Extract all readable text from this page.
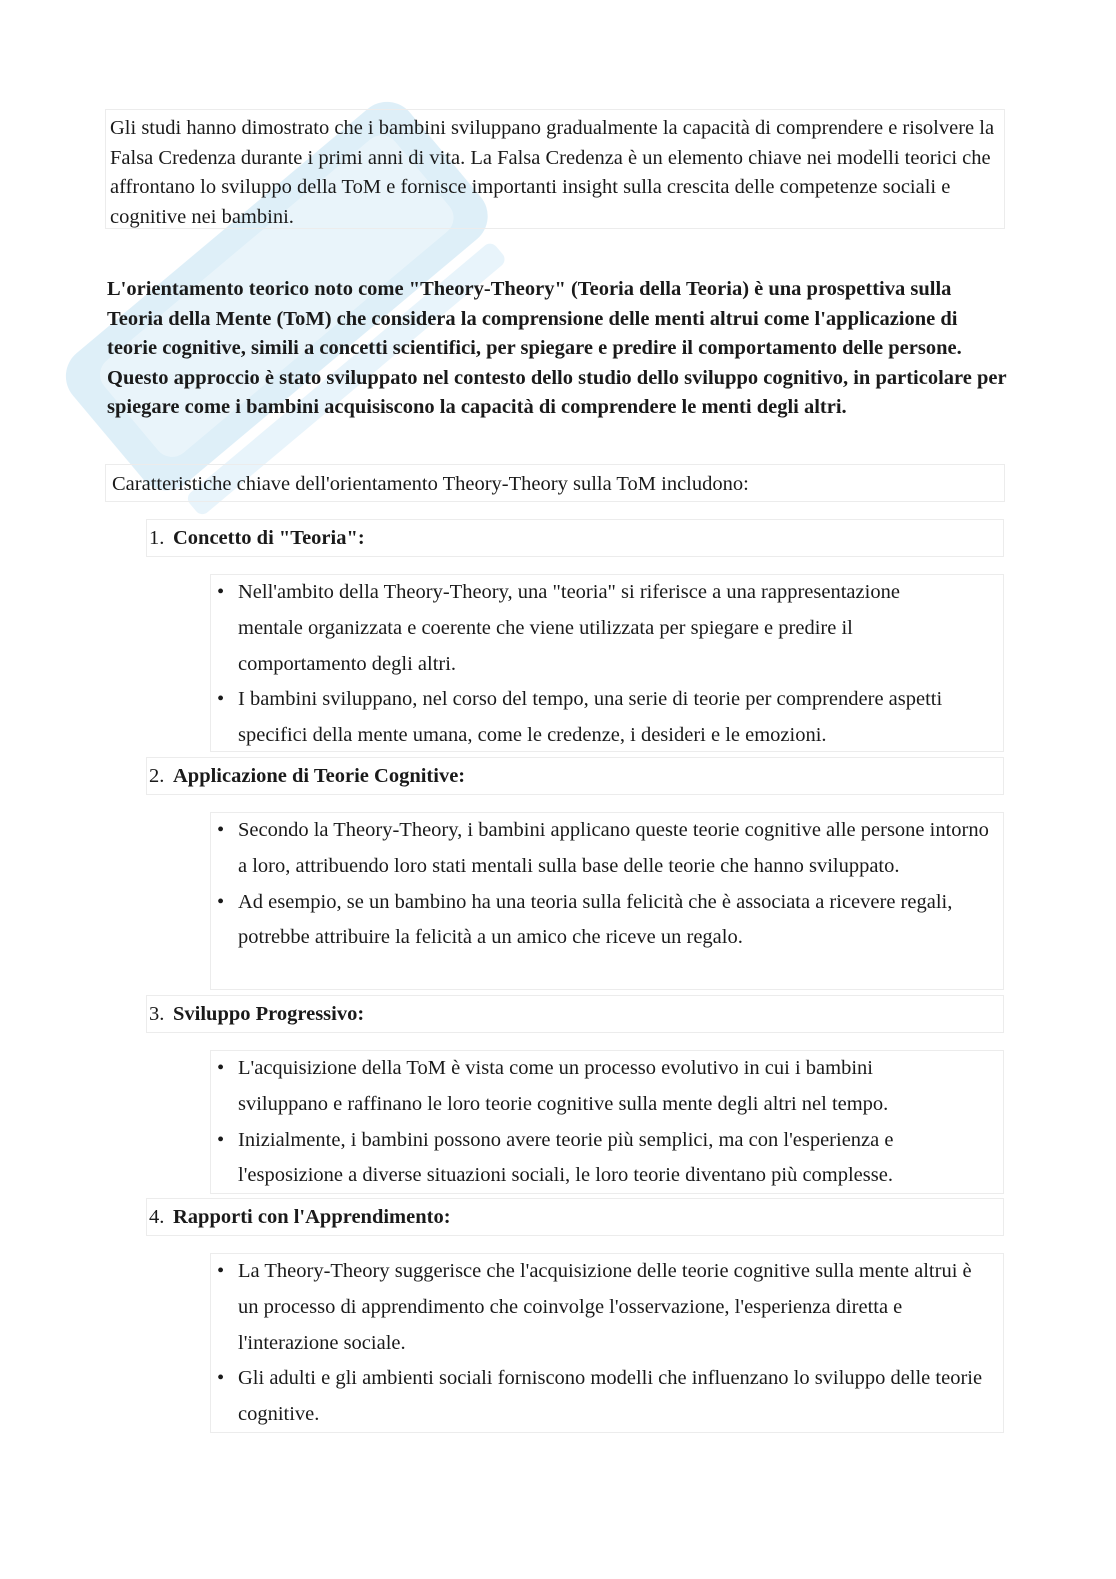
Gli studi hanno dimostrato che i bambini sviluppano gradualmente la capacità di comprendere e risolvere la Falsa Credenza durante i primi anni di vita. La Falsa Credenza è un elemento chiave nei modelli teorici che affrontano lo sviluppo della ToM e fornisce importanti insight sulla crescita delle competenze sociali e cognitive nei bambini.
L'orientamento teorico noto come "Theory-Theory" (Teoria della Teoria) è una prospettiva sulla Teoria della Mente (ToM) che considera la comprensione delle menti altrui come l'applicazione di teorie cognitive, simili a concetti scientifici, per spiegare e predire il comportamento delle persone. Questo approccio è stato sviluppato nel contesto dello studio dello sviluppo cognitivo, in particolare per spiegare come i bambini acquisiscono la capacità di comprendere le menti degli altri.
Caratteristiche chiave dell'orientamento Theory-Theory sulla ToM includono:
1. Concetto di "Teoria":
• Nell'ambito della Theory-Theory, una "teoria" si riferisce a una rappresentazione mentale organizzata e coerente che viene utilizzata per spiegare e predire il comportamento degli altri.
• I bambini sviluppano, nel corso del tempo, una serie di teorie per comprendere aspetti specifici della mente umana, come le credenze, i desideri e le emozioni.
2. Applicazione di Teorie Cognitive:
• Secondo la Theory-Theory, i bambini applicano queste teorie cognitive alle persone intorno a loro, attribuendo loro stati mentali sulla base delle teorie che hanno sviluppato.
• Ad esempio, se un bambino ha una teoria sulla felicità che è associata a ricevere regali, potrebbe attribuire la felicità a un amico che riceve un regalo.
3. Sviluppo Progressivo:
• L'acquisizione della ToM è vista come un processo evolutivo in cui i bambini sviluppano e raffinano le loro teorie cognitive sulla mente degli altri nel tempo.
• Inizialmente, i bambini possono avere teorie più semplici, ma con l'esperienza e l'esposizione a diverse situazioni sociali, le loro teorie diventano più complesse.
4. Rapporti con l'Apprendimento:
• La Theory-Theory suggerisce che l'acquisizione delle teorie cognitive sulla mente altrui è un processo di apprendimento che coinvolge l'osservazione, l'esperienza diretta e l'interazione sociale.
• Gli adulti e gli ambienti sociali forniscono modelli che influenzano lo sviluppo delle teorie cognitive.
